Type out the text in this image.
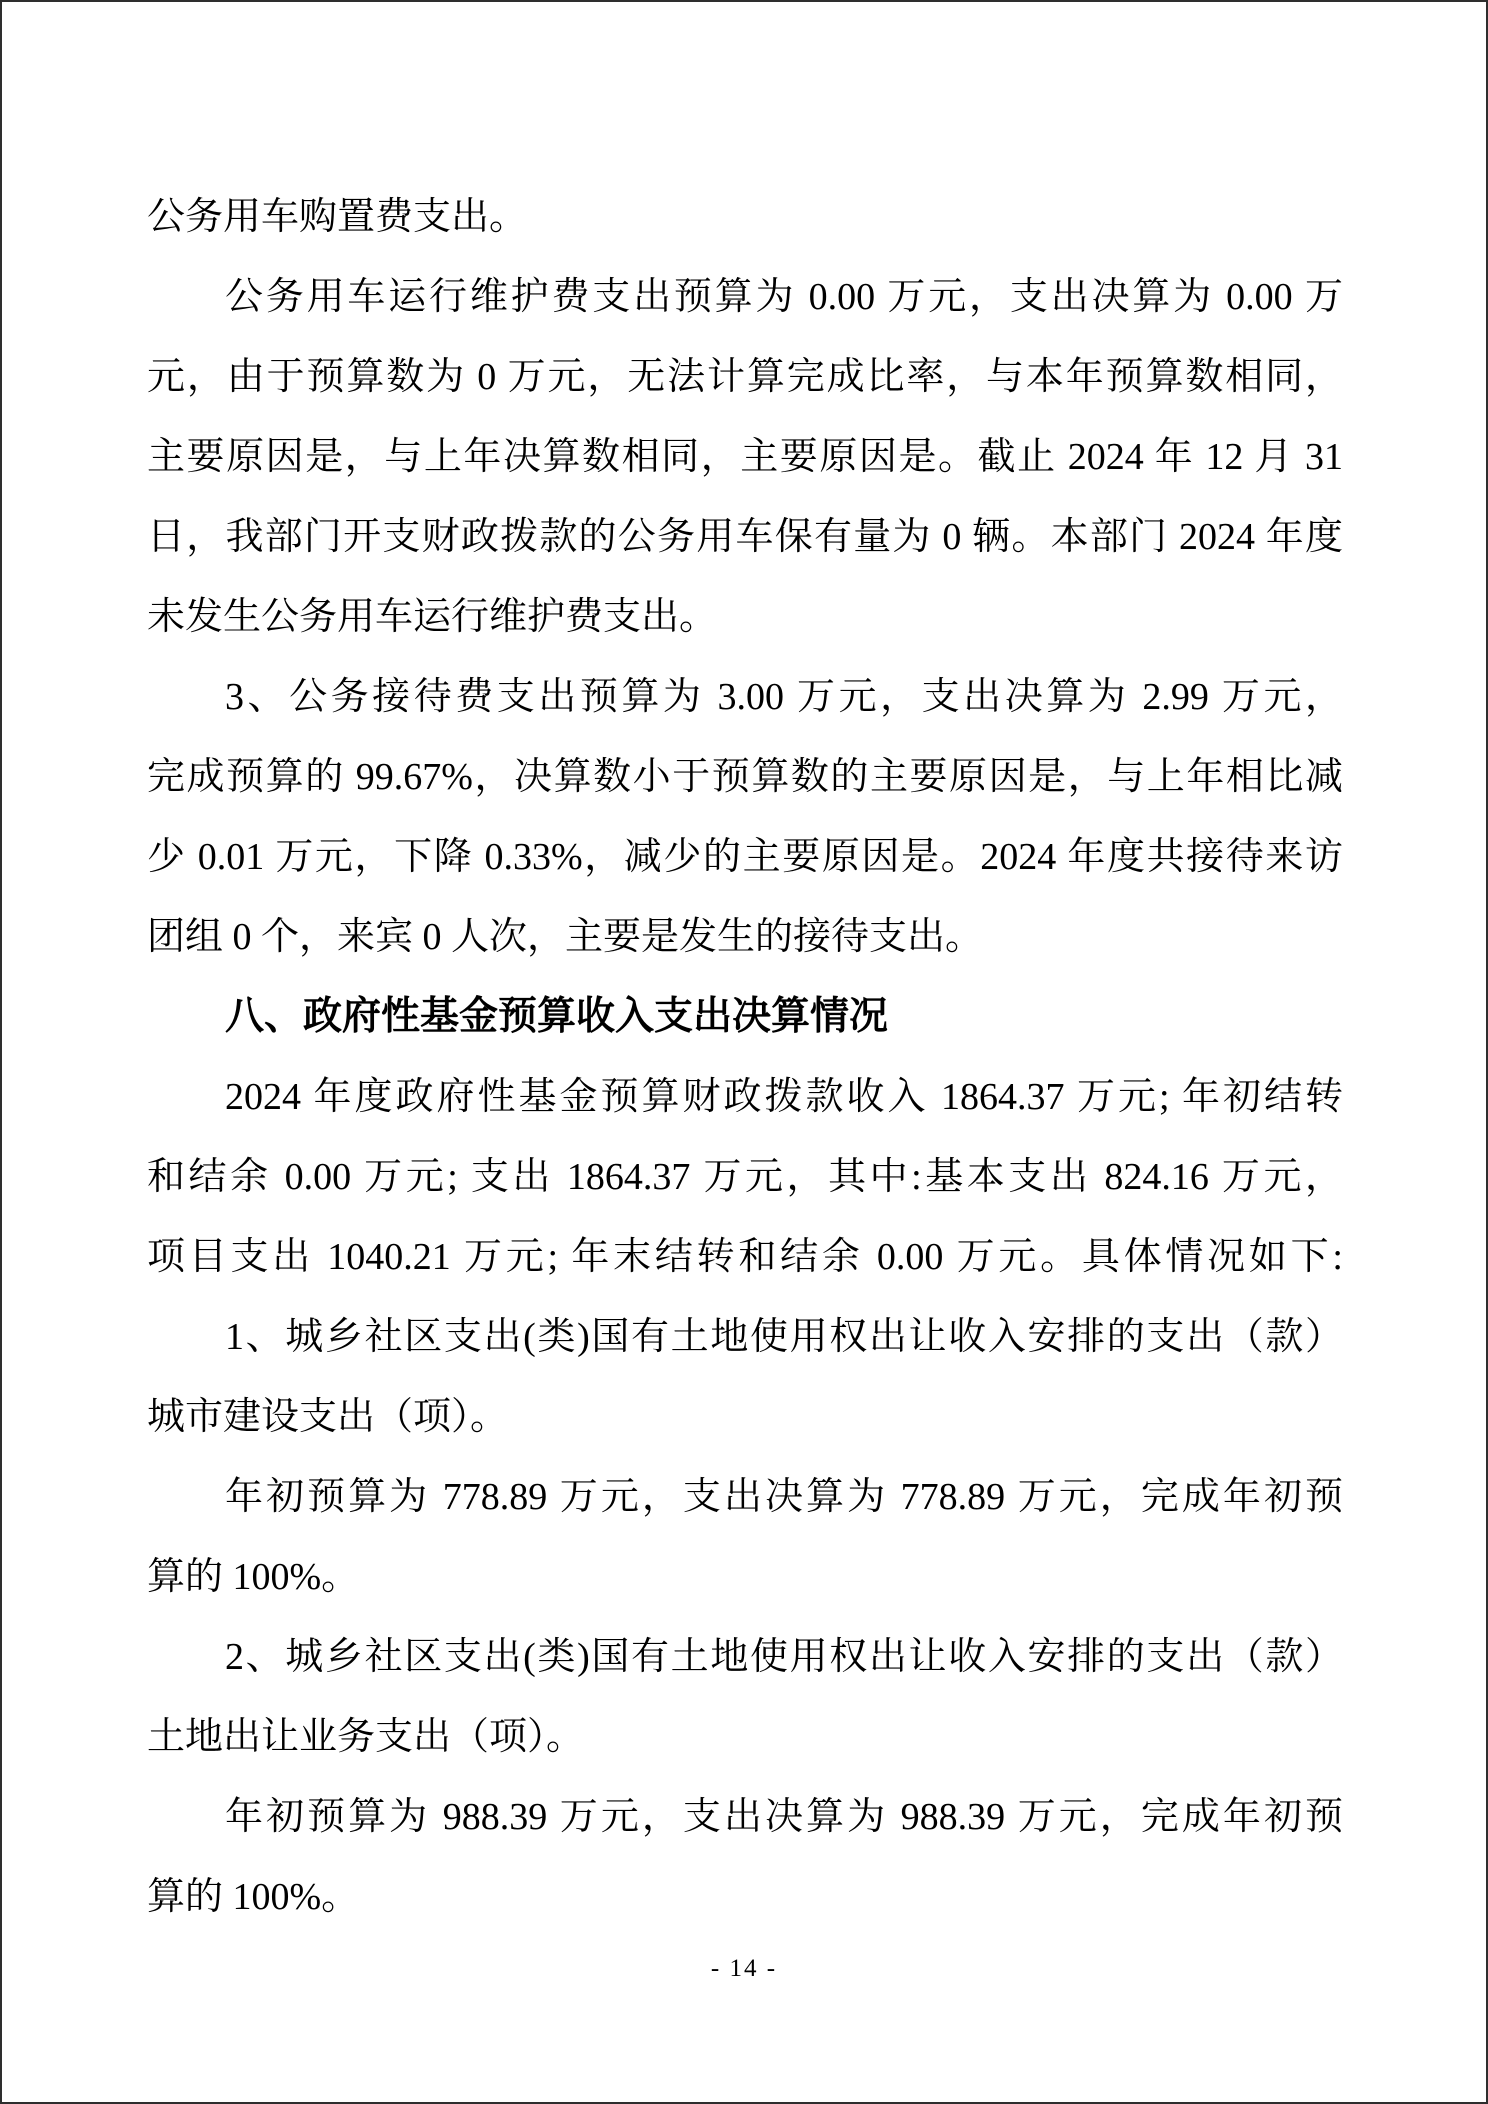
公务用车购置费支出。
公务用车运行维护费支出预算为 0.00 万元，支出决算为 0.00 万
元，由于预算数为 0 万元，无法计算完成比率，与本年预算数相同，
主要原因是，与上年决算数相同，主要原因是。截止 2024 年 12 月 31
日，我部门开支财政拨款的公务用车保有量为 0 辆。本部门 2024 年度
未发生公务用车运行维护费支出。
3、公务接待费支出预算为 3.00 万元，支出决算为 2.99 万元，
完成预算的 99.67%，决算数小于预算数的主要原因是，与上年相比减
少 0.01 万元，下降 0.33%，减少的主要原因是。2024 年度共接待来访
团组 0 个，来宾 0 人次，主要是发生的接待支出。
八、政府性基金预算收入支出决算情况
2024 年度政府性基金预算财政拨款收入 1864.37 万元; 年初结转
和结余 0.00 万元; 支出 1864.37 万元，其中:基本支出 824.16 万元，
项目支出 1040.21 万元; 年末结转和结余 0.00 万元。具体情况如下:
1、城乡社区支出(类)国有土地使用权出让收入安排的支出（款）
城市建设支出（项）。
年初预算为 778.89 万元，支出决算为 778.89 万元，完成年初预
算的 100%。
2、城乡社区支出(类)国有土地使用权出让收入安排的支出（款）
土地出让业务支出（项）。
年初预算为 988.39 万元，支出决算为 988.39 万元，完成年初预
算的 100%。
- 14 -
